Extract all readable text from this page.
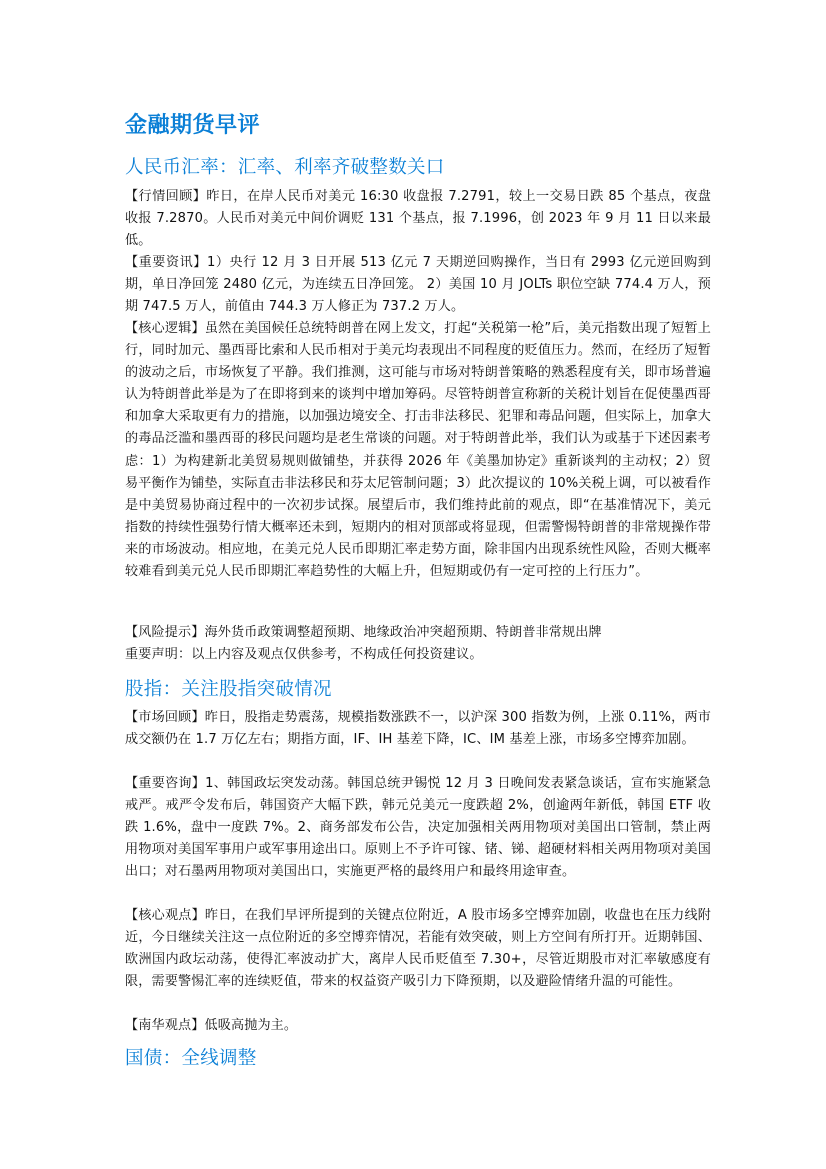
金融期货早评
人民币汇率：汇率、利率齐破整数关口

【行情回顾】昨日，在岸人民币对美元 16:30 收盘报 7.2791，较上一交易日跌 85 个基点，夜盘收报 7.2870。人民币对美元中间价调贬 131 个基点，报 7.1996，创 2023 年 9 月 11 日以来最低。

【重要资讯】1）央行 12 月 3 日开展 513 亿元 7 天期逆回购操作，当日有 2993 亿元逆回购到期，单日净回笼 2480 亿元，为连续五日净回笼。 2）美国 10 月 JOLTs 职位空缺 774.4 万人，预期 747.5 万人，前值由 744.3 万人修正为 737.2 万人。

【核心逻辑】虽然在美国候任总统特朗普在网上发文，打起“关税第一枪”后，美元指数出现了短暂上行，同时加元、墨西哥比索和人民币相对于美元均表现出不同程度的贬值压力。然而，在经历了短暂的波动之后，市场恢复了平静。我们推测，这可能与市场对特朗普策略的熟悉程度有关，即市场普遍认为特朗普此举是为了在即将到来的谈判中增加筹码。尽管特朗普宣称新的关税计划旨在促使墨西哥和加拿大采取更有力的措施，以加强边境安全、打击非法移民、犯罪和毒品问题，但实际上，加拿大的毒品泛滥和墨西哥的移民问题均是老生常谈的问题。对于特朗普此举，我们认为或基于下述因素考虑：1）为构建新北美贸易规则做铺垫，并获得 2026 年《美墨加协定》重新谈判的主动权；2）贸易平衡作为铺垫，实际直击非法移民和芬太尼管制问题；3）此次提议的 10%关税上调，可以被看作是中美贸易协商过程中的一次初步试探。展望后市，我们维持此前的观点，即“在基准情况下，美元指数的持续性强势行情大概率还未到，短期内的相对顶部或将显现，但需警惕特朗普的非常规操作带来的市场波动。相应地，在美元兑人民币即期汇率走势方面，除非国内出现系统性风险，否则大概率较难看到美元兑人民币即期汇率趋势性的大幅上升，但短期或仍有一定可控的上行压力”。

【风险提示】海外货币政策调整超预期、地缘政治冲突超预期、特朗普非常规出牌

重要声明：以上内容及观点仅供参考，不构成任何投资建议。

股指：关注股指突破情况

【市场回顾】昨日，股指走势震荡，规模指数涨跌不一，以沪深 300 指数为例，上涨 0.11%，两市成交额仍在 1.7 万亿左右；期指方面，IF、IH 基差下降，IC、IM 基差上涨，市场多空博弈加剧。

【重要咨询】1、韩国政坛突发动荡。韩国总统尹锡悦 12 月 3 日晚间发表紧急谈话，宣布实施紧急戒严。戒严令发布后，韩国资产大幅下跌，韩元兑美元一度跌超 2%，创逾两年新低，韩国 ETF 收跌 1.6%，盘中一度跌 7%。2、商务部发布公告，决定加强相关两用物项对美国出口管制，禁止两用物项对美国军事用户或军事用途出口。原则上不予许可镓、锗、锑、超硬材料相关两用物项对美国出口；对石墨两用物项对美国出口，实施更严格的最终用户和最终用途审查。

【核心观点】昨日，在我们早评所提到的关键点位附近，A 股市场多空博弈加剧，收盘也在压力线附近，今日继续关注这一点位附近的多空博弈情况，若能有效突破，则上方空间有所打开。近期韩国、欧洲国内政坛动荡，使得汇率波动扩大，离岸人民币贬值至 7.30+，尽管近期股市对汇率敏感度有限，需要警惕汇率的连续贬值，带来的权益资产吸引力下降预期，以及避险情绪升温的可能性。

【南华观点】低吸高抛为主。

国债：全线调整
